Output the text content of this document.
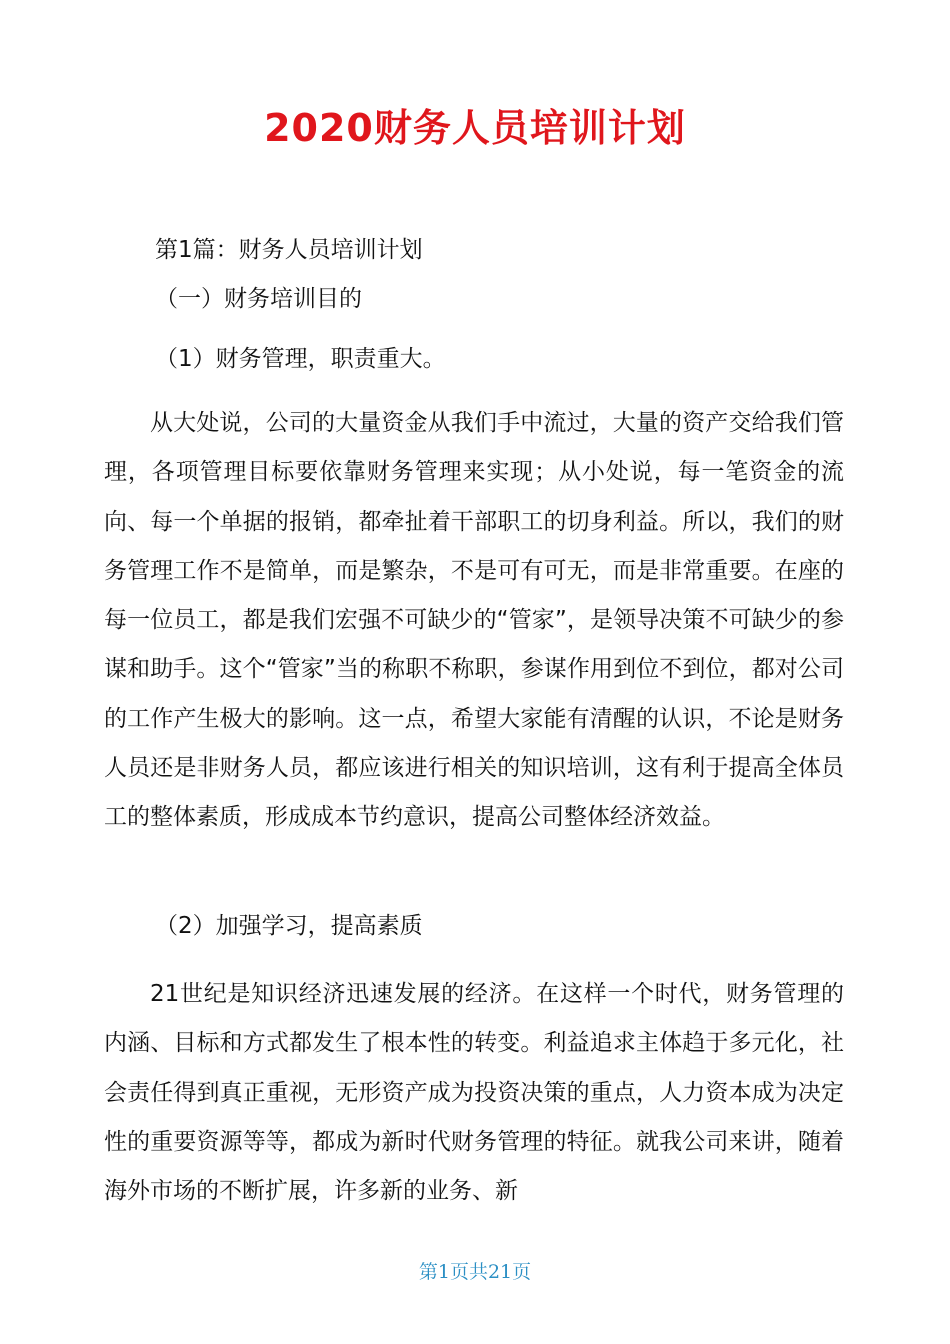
2020财务人员培训计划
第1篇：财务人员培训计划
（一）财务培训目的
（1）财务管理，职责重大。

从大处说，公司的大量资金从我们手中流过，大量的资产交给我们管理，各项管理目标要依靠财务管理来实现；从小处说，每一笔资金的流向、每一个单据的报销，都牵扯着干部职工的切身利益。所以，我们的财务管理工作不是简单，而是繁杂，不是可有可无，而是非常重要。在座的每一位员工，都是我们宏强不可缺少的“管家”，是领导决策不可缺少的参谋和助手。这个“管家”当的称职不称职，参谋作用到位不到位，都对公司的工作产生极大的影响。这一点，希望大家能有清醒的认识，不论是财务人员还是非财务人员，都应该进行相关的知识培训，这有利于提高全体员工的整体素质，形成成本节约意识，提高公司整体经济效益。

（2）加强学习，提高素质

21世纪是知识经济迅速发展的经济。在这样一个时代，财务管理的内涵、目标和方式都发生了根本性的转变。利益追求主体趋于多元化，社会责任得到真正重视，无形资产成为投资决策的重点，人力资本成为决定性的重要资源等等，都成为新时代财务管理的特征。就我公司来讲，随着海外市场的不断扩展，许多新的业务、新

第1页共21页
